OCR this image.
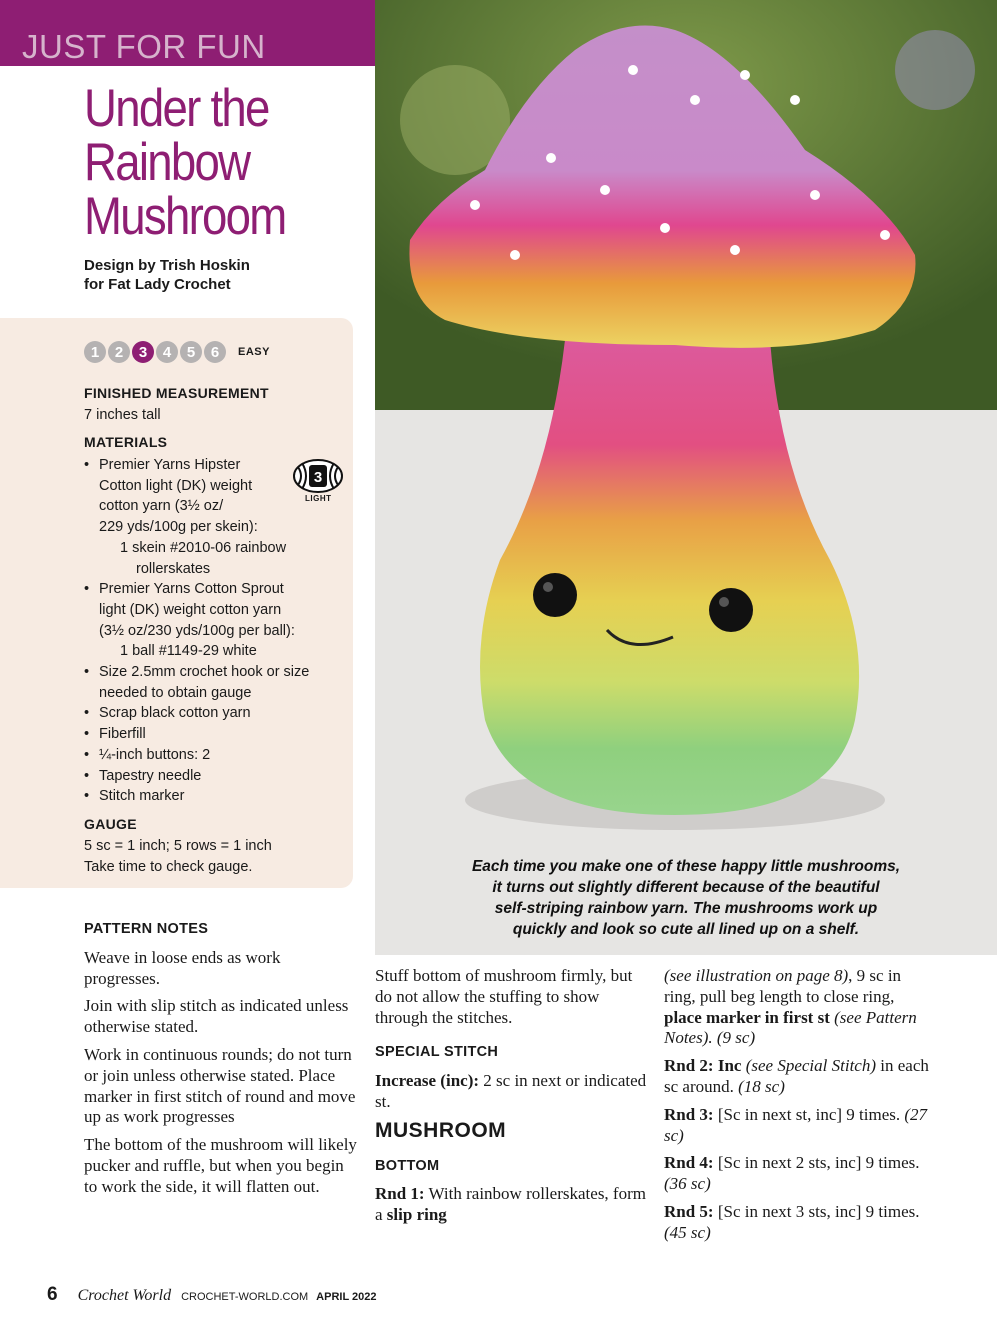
JUST FOR FUN
Under the
Rainbow
Mushroom
Design by Trish Hoskin
for Fat Lady Crochet
1	2	3	4	5	6	EASY
FINISHED MEASUREMENT
7 inches tall
MATERIALS
• Premier Yarns Hipster
Cotton light (DK) weight
cotton yarn (3½ oz/
229 yds/100g per skein):
1 skein #2010-06 rainbow
rollerskates
• Premier Yarns Cotton Sprout
light (DK) weight cotton yarn
(3½ oz/230 yds/100g per ball):
1 ball #1149-29 white
• Size 2.5mm crochet hook or size
needed to obtain gauge
• Scrap black cotton yarn
• Fiberfill
• ¼-inch buttons: 2
• Tapestry needle
• Stitch marker
3
LIGHT
GAUGE
5 sc = 1 inch; 5 rows = 1 inch
Take time to check gauge.	Each time you make one of these happy little mushrooms,
it turns out slightly different because of the beautiful
self-striping rainbow yarn. The mushrooms work up
quickly and look so cute all lined up on a shelf.
PATTERN NOTES

Weave in loose ends as work progresses.

Join with slip stitch as indicated unless otherwise stated.

Work in continuous rounds; do not turn or join unless otherwise stated. Place marker in first stitch of round and move up as work progresses

The bottom of the mushroom will likely pucker and ruffle, but when you begin to work the side, it will flatten out.

Stuff bottom of mushroom firmly, but do not allow the stuffing to show through the stitches.

SPECIAL STITCH

Increase (inc): 2 sc in next or indicated st.

MUSHROOM
BOTTOM

Rnd 1: With rainbow rollerskates, form a slip ring

(see illustration on page 8), 9 sc in ring, pull beg length to close ring, place marker in first st (see Pattern Notes). (9 sc)

Rnd 2: Inc (see Special Stitch) in each sc around. (18 sc)

Rnd 3: [Sc in next st, inc] 9 times. (27 sc)

Rnd 4: [Sc in next 2 sts, inc] 9 times. (36 sc)

Rnd 5: [Sc in next 3 sts, inc] 9 times. (45 sc)

6 Crochet World CROCHET-WORLD.COM APRIL 2022
